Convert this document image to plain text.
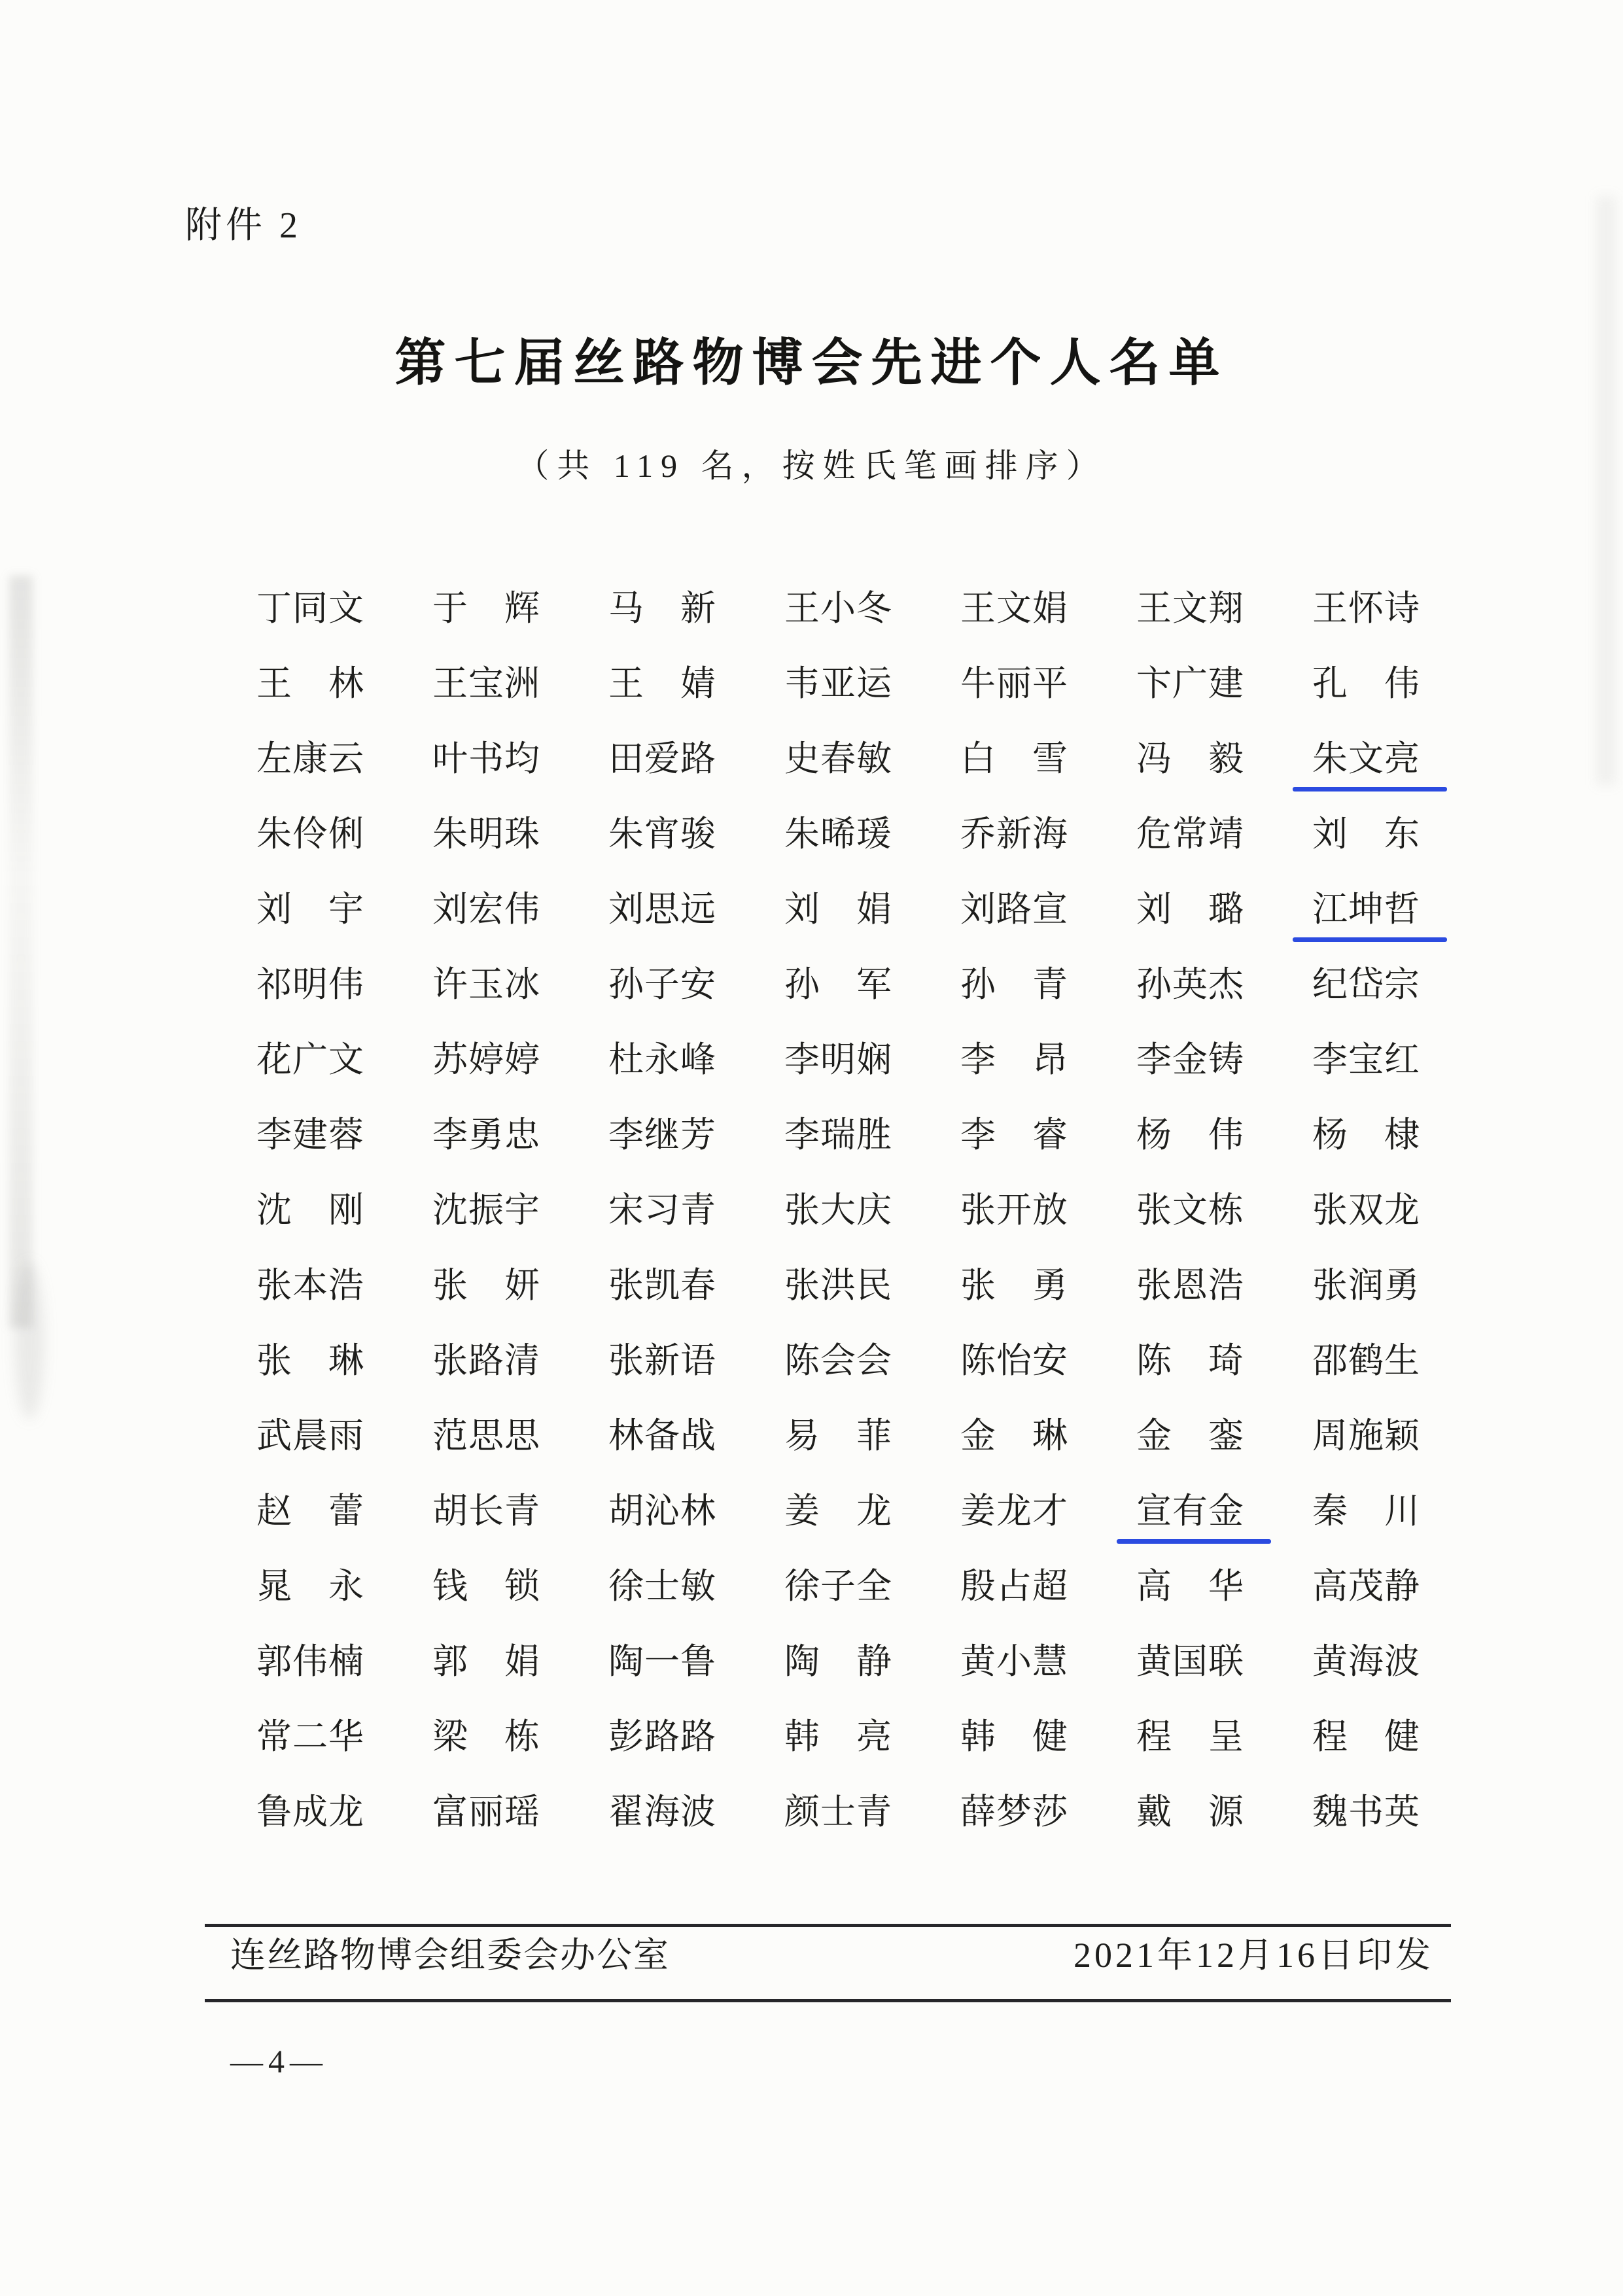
附件 2
第七届丝路物博会先进个人名单
（共 119 名，按姓氏笔画排序）
丁同文 于　辉 马　新 王小冬 王文娟 王文翔 王怀诗
王　林 王宝洲 王　婧 韦亚运 牛丽平 卞广建 孔　伟
左康云 叶书均 田爱路 史春敏 白　雪 冯　毅 朱文亮
朱伶俐 朱明珠 朱宵骏 朱晞瑗 乔新海 危常靖 刘　东
刘　宇 刘宏伟 刘思远 刘　娟 刘路宣 刘　璐 江坤哲
祁明伟 许玉冰 孙子安 孙　军 孙　青 孙英杰 纪岱宗
花广文 苏婷婷 杜永峰 李明娴 李　昂 李金铸 李宝红
李建蓉 李勇忠 李继芳 李瑞胜 李　睿 杨　伟 杨　棣
沈　刚 沈振宇 宋习青 张大庆 张开放 张文栋 张双龙
张本浩 张　妍 张凯春 张洪民 张　勇 张恩浩 张润勇
张　琳 张路清 张新语 陈会会 陈怡安 陈　琦 邵鹤生
武晨雨 范思思 林备战 易　菲 金　琳 金　銮 周施颖
赵　蕾 胡长青 胡沁林 姜　龙 姜龙才 宣有金 秦　川
晁　永 钱　锁 徐士敏 徐子全 殷占超 高　华 高茂静
郭伟楠 郭　娟 陶一鲁 陶　静 黄小慧 黄国联 黄海波
常二华 梁　栋 彭路路 韩　亮 韩　健 程　呈 程　健
鲁成龙 富丽瑶 翟海波 颜士青 薛梦莎 戴　源 魏书英
连丝路物博会组委会办公室	2021年12月16日印发
—4—
